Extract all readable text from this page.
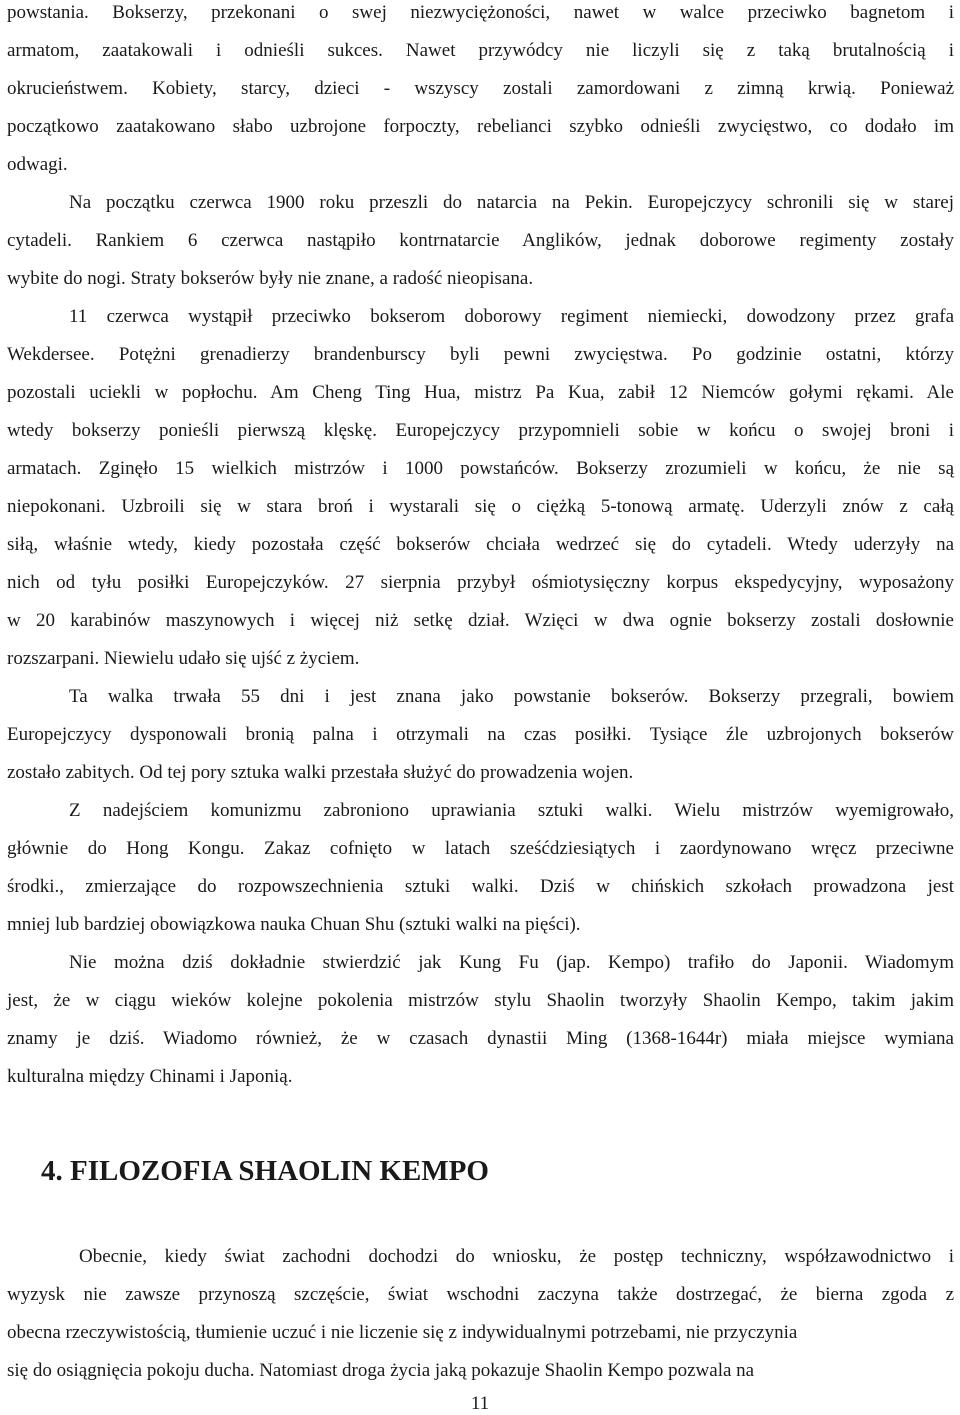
powstania. Bokserzy, przekonani o swej niezwyciężoności, nawet w walce przeciwko bagnetom i
armatom, zaatakowali i odnieśli sukces. Nawet przywódcy nie liczyli się z taką brutalnością i
okrucieństwem. Kobiety, starcy, dzieci - wszyscy zostali zamordowani z zimną krwią. Ponieważ
początkowo zaatakowano słabo uzbrojone forpoczty, rebelianci szybko odnieśli zwycięstwo, co dodało im
odwagi.
Na początku czerwca 1900 roku przeszli do natarcia na Pekin. Europejczycy schronili się w starej
cytadeli. Rankiem 6 czerwca nastąpiło kontrnatarcie Anglików, jednak doborowe regimenty zostały
wybite do nogi. Straty bokserów były nie znane, a radość nieopisana.
11 czerwca wystąpił przeciwko bokserom doborowy regiment niemiecki, dowodzony przez grafa
Wekdersee. Potężni grenadierzy brandenburscy byli pewni zwycięstwa. Po godzinie ostatni, którzy
pozostali uciekli w popłochu. Am Cheng Ting Hua, mistrz Pa Kua, zabił 12 Niemców gołymi rękami. Ale
wtedy bokserzy ponieśli pierwszą klęskę. Europejczycy przypomnieli sobie w końcu o swojej broni i
armatach. Zginęło 15 wielkich mistrzów i 1000 powstańców. Bokserzy zrozumieli w końcu, że nie są
niepokonani. Uzbroili się w stara broń i wystarali się o ciężką 5-tonową armatę. Uderzyli znów z całą
siłą, właśnie wtedy, kiedy pozostała część bokserów chciała wedrzeć się do cytadeli. Wtedy uderzyły na
nich od tyłu posiłki Europejczyków. 27 sierpnia przybył ośmiotysięczny korpus ekspedycyjny, wyposażony
w 20 karabinów maszynowych i więcej niż setkę dział. Wzięci w dwa ognie bokserzy zostali dosłownie
rozszarpani. Niewielu udało się ujść z życiem.
Ta walka trwała 55 dni i jest znana jako powstanie bokserów. Bokserzy przegrali, bowiem
Europejczycy dysponowali bronią palna i otrzymali na czas posiłki. Tysiące źle uzbrojonych bokserów
zostało zabitych. Od tej pory sztuka walki przestała służyć do prowadzenia wojen.
Z nadejściem komunizmu zabroniono uprawiania sztuki walki. Wielu mistrzów wyemigrowało,
głównie do Hong Kongu. Zakaz cofnięto w latach sześćdziesiątych i zaordynowano wręcz przeciwne
środki., zmierzające do rozpowszechnienia sztuki walki. Dziś w chińskich szkołach prowadzona jest
mniej lub bardziej obowiązkowa nauka Chuan Shu (sztuki walki na pięści).
Nie można dziś dokładnie stwierdzić jak Kung Fu (jap. Kempo) trafiło do Japonii. Wiadomym
jest, że w ciągu wieków kolejne pokolenia mistrzów stylu Shaolin tworzyły Shaolin Kempo, takim jakim
znamy je dziś. Wiadomo również, że w czasach dynastii Ming (1368-1644r) miała miejsce wymiana
kulturalna między Chinami i Japonią.
4. FILOZOFIA SHAOLIN KEMPO
Obecnie, kiedy świat zachodni dochodzi do wniosku, że postęp techniczny, współzawodnictwo i
wyzysk nie zawsze przynoszą szczęście, świat wschodni zaczyna także dostrzegać, że bierna zgoda z
obecna rzeczywistością, tłumienie uczuć i nie liczenie się z indywidualnymi potrzebami, nie przyczynia
się do osiągnięcia pokoju ducha. Natomiast droga życia jaką pokazuje Shaolin Kempo pozwala na
11
